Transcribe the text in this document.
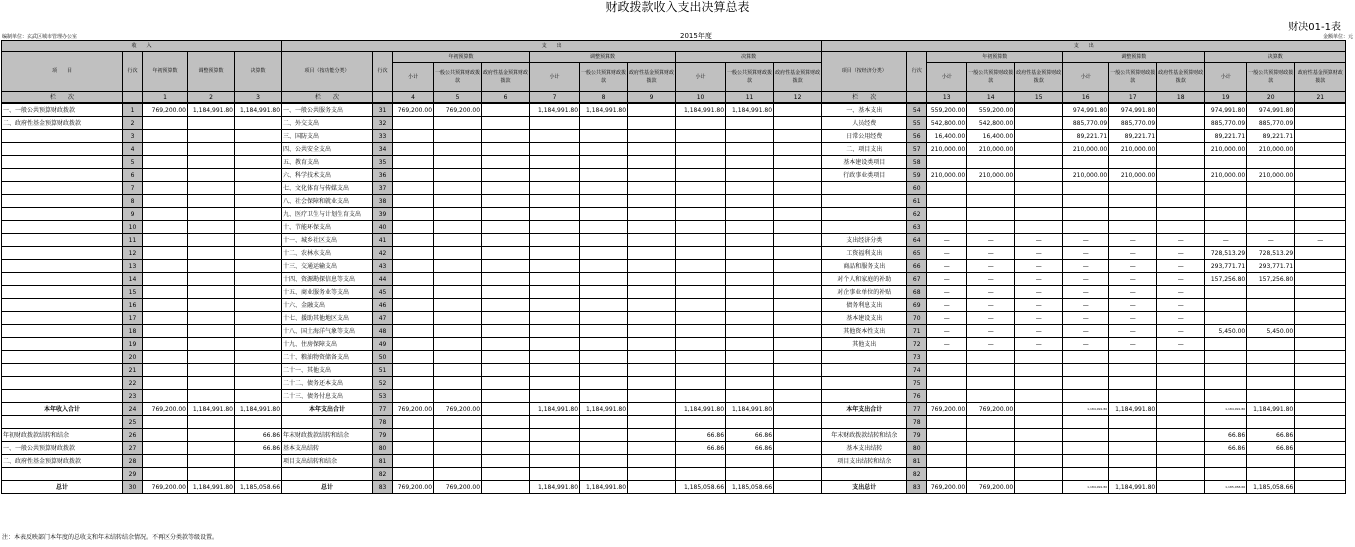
财政拨款收入支出决算总表
财决01-1表
编制单位：玄武区城市管理办公室	2015年度	金额单位：元
收　　入					支　　出											支　　出										
项　　目	行次	年初预算数	调整预算数	决算数	项目（按功能分类）	行次	年初预算数			调整预算数			决算数			项目（按经济分类）	行次	年初预算数			调整预算数			决算数		
							小计	一般公共预算财政拨款	政府性基金预算财政拨款	小计	一般公共预算财政拨款	政府性基金预算财政拨款	小计	一般公共预算财政拨款	政府性基金预算财政拨款			小计	一般公共预算财政拨款	政府性基金预算财政拨款	小计	一般公共预算财政拨款	政府性基金预算财政拨款	小计	一般公共预算财政拨款	政府性基金预算财政拨款
栏　　次		1	2	3	栏　　次		4	5	6	7	8	9	10	11	12	栏　　次		13	14	15	16	17	18	19	20	21
一、一般公共预算财政拨款	1	769,200.00	1,184,991.80	1,184,991.80	一、一般公共服务支出	31	769,200.00	769,200.00		1,184,991.80	1,184,991.80		1,184,991.80	1,184,991.80		一、基本支出	54	559,200.00	559,200.00		974,991.80	974,991.80		974,991.80	974,991.80	
二、政府性基金预算财政拨款	2				二、外交支出	32										人员经费	55	542,800.00	542,800.00		885,770.09	885,770.09		885,770.09	885,770.09	
	3				三、国防支出	33										日常公用经费	56	16,400.00	16,400.00		89,221.71	89,221.71		89,221.71	89,221.71	
	4				四、公共安全支出	34										二、项目支出	57	210,000.00	210,000.00		210,000.00	210,000.00		210,000.00	210,000.00	
	5				五、教育支出	35										基本建设类项目	58									
	6				六、科学技术支出	36										行政事业类项目	59	210,000.00	210,000.00		210,000.00	210,000.00		210,000.00	210,000.00	
	7				七、文化体育与传媒支出	37											60									
	8				八、社会保障和就业支出	38											61									
	9				九、医疗卫生与计划生育支出	39											62									
	10				十、节能环保支出	40											63									
	11				十一、城乡社区支出	41										支出经济分类	64	—	—	—	—	—	—	—	—	—
	12				十二、农林水支出	42										工资福利支出	65	—	—	—	—	—	—	728,513.29	728,513.29	
	13				十三、交通运输支出	43										商品和服务支出	66	—	—	—	—	—	—	293,771.71	293,771.71	
	14				十四、资源勘探信息等支出	44										对个人和家庭的补助	67	—	—	—	—	—	—	157,256.80	157,256.80	
	15				十五、商业服务业等支出	45										对企事业单位的补贴	68	—	—	—	—	—	—			
	16				十六、金融支出	46										债务利息支出	69	—	—	—	—	—	—			
	17				十七、援助其他地区支出	47										基本建设支出	70	—	—	—	—	—	—			
	18				十八、国土海洋气象等支出	48										其他资本性支出	71	—	—	—	—	—	—	5,450.00	5,450.00	
	19				十九、住房保障支出	49										其他支出	72	—	—	—	—	—	—			
	20				二十、粮油物资储备支出	50											73									
	21				二十一、其他支出	51											74									
	22				二十二、债务还本支出	52											75									
	23				二十三、债务付息支出	53											76									
本年收入合计	24	769,200.00	1,184,991.80	1,184,991.80	本年支出合计	77	769,200.00	769,200.00		1,184,991.80	1,184,991.80		1,184,991.80	1,184,991.80		本年支出合计	77	769,200.00	769,200.00		1,184,991.80	1,184,991.80		1,184,991.80	1,184,991.80	
	25					78											78									
年初财政拨款结转和结余	26			66.86	年末财政拨款结转和结余	79							66.86	66.86		年末财政拨款结转和结余	79							66.86	66.86	
一、一般公共预算财政拨款	27			66.86	基本支出结转	80							66.86	66.86		基本支出结转	80							66.86	66.86	
二、政府性基金预算财政拨款	28				项目支出结转和结余	81										项目支出结转和结余	81									
	29					82											82									
总计	30	769,200.00	1,184,991.80	1,185,058.66	总计	83	769,200.00	769,200.00		1,184,991.80	1,184,991.80		1,185,058.66	1,185,058.66		支出总计	83	769,200.00	769,200.00		1,184,991.80	1,184,991.80		1,185,058.66	1,185,058.66	
注：本表反映部门本年度的总收支和年末结转结余情况。不再区分类款等级设置。
